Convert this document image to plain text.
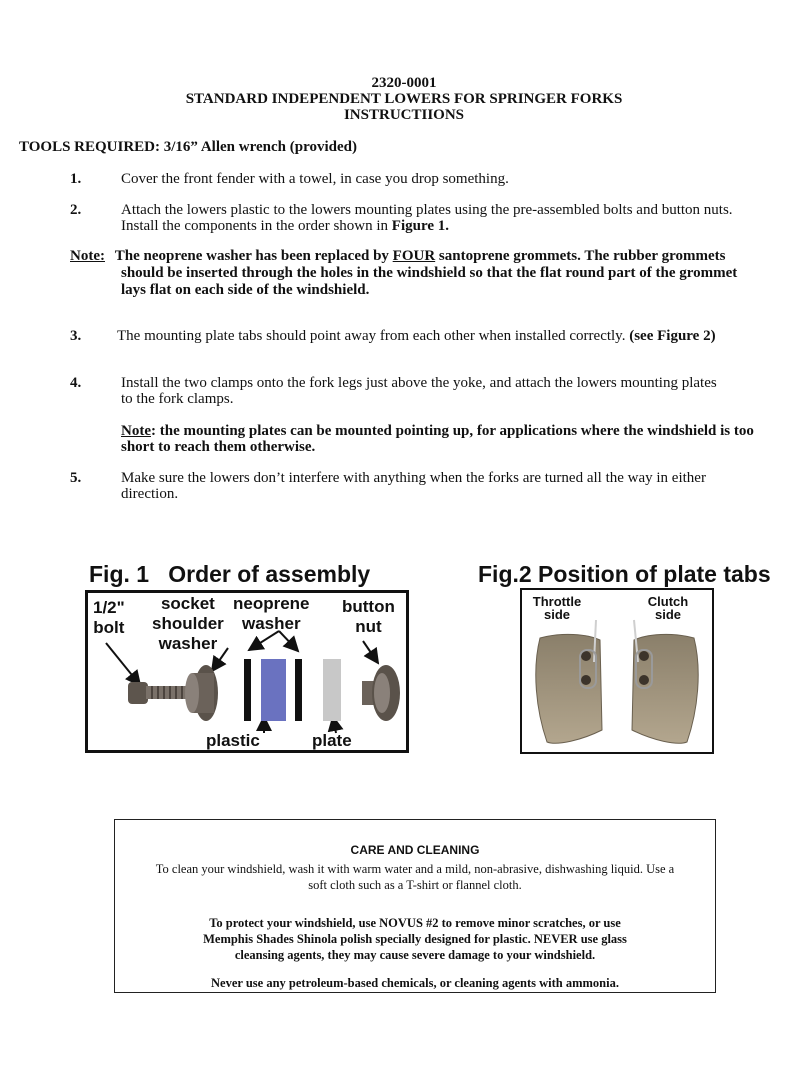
2320-0001
STANDARD INDEPENDENT LOWERS FOR SPRINGER FORKS
INSTRUCTIIONS
TOOLS REQUIRED: 3/16” Allen wrench (provided)
1.	Cover the front fender with a towel, in case you drop something.
2.	Attach the lowers plastic to the lowers mounting plates using the pre-assembled bolts and button nuts.
Install the components in the order shown in Figure 1.
Note: The neoprene washer has been replaced by FOUR santoprene grommets. The rubber grommets
should be inserted through the holes in the windshield so that the flat round part of the grommet
lays flat on each side of the windshield.
3. The mounting plate tabs should point away from each other when installed correctly. (see Figure 2)
4.	Install the two clamps onto the fork legs just above the yoke, and attach the lowers mounting plates
to the fork clamps.
Note: the mounting plates can be mounted pointing up, for applications where the windshield is too
short to reach them otherwise.
5.	Make sure the lowers don’t interfere with anything when the forks are turned all the way in either
direction.
Fig. 1   Order of assembly
1/2"
bolt
socket
shoulder
washer
neoprene
washer
button
nut
plastic	plate
Fig.2 Position of plate tabs
Throttle
side
Clutch
side
CARE AND CLEANING
To clean your windshield, wash it with warm water and a mild, non-abrasive, dishwashing liquid. Use a
soft cloth such as a T-shirt or flannel cloth.
To protect your windshield, use NOVUS #2 to remove minor scratches, or use
Memphis Shades Shinola polish specially designed for plastic. NEVER use glass
cleansing agents, they may cause severe damage to your windshield.
Never use any petroleum-based chemicals, or cleaning agents with ammonia.
